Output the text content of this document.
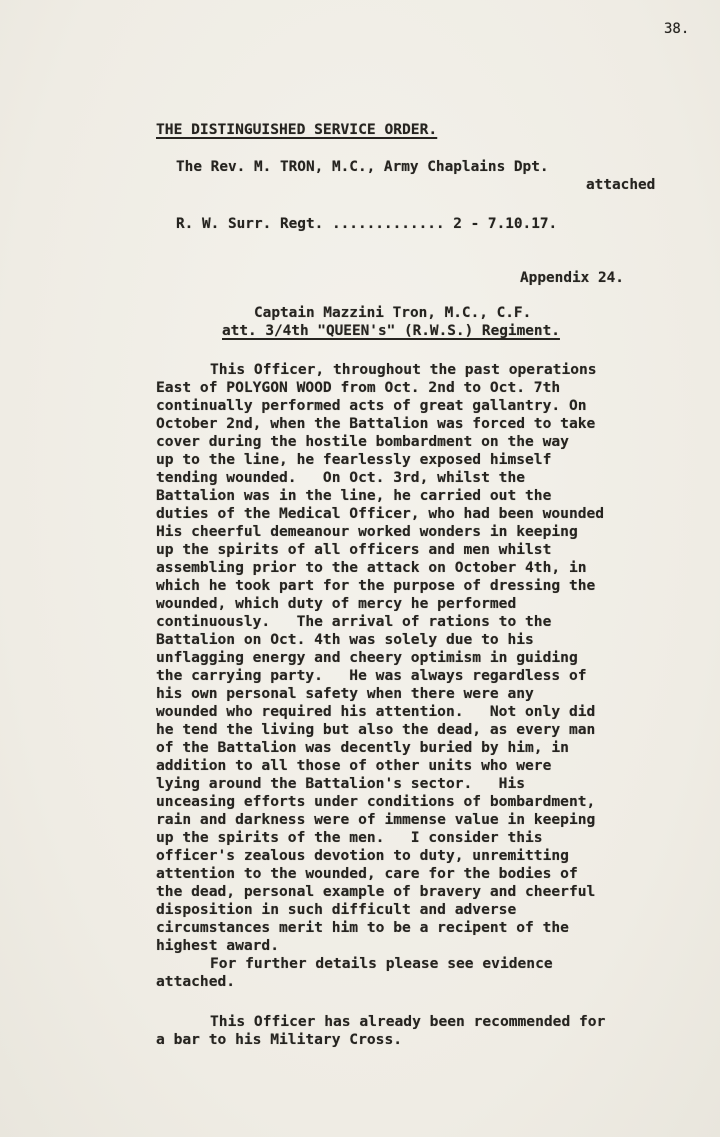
38.
THE DISTINGUISHED SERVICE ORDER.
The Rev. M. TRON, M.C., Army Chaplains Dpt.
attached
R. W. Surr. Regt. ............. 2 - 7.10.17.
Appendix 24.
Captain Mazzini Tron, M.C., C.F.
att. 3/4th "QUEEN's" (R.W.S.) Regiment.
This Officer, throughout the past operations
East of POLYGON WOOD from Oct. 2nd to Oct. 7th
continually performed acts of great gallantry. On
October 2nd, when the Battalion was forced to take
cover during the hostile bombardment on the way
up to the line, he fearlessly exposed himself
tending wounded.   On Oct. 3rd, whilst the
Battalion was in the line, he carried out the
duties of the Medical Officer, who had been wounded
His cheerful demeanour worked wonders in keeping
up the spirits of all officers and men whilst
assembling prior to the attack on October 4th, in
which he took part for the purpose of dressing the
wounded, which duty of mercy he performed
continuously.   The arrival of rations to the
Battalion on Oct. 4th was solely due to his
unflagging energy and cheery optimism in guiding
the carrying party.   He was always regardless of
his own personal safety when there were any
wounded who required his attention.   Not only did
he tend the living but also the dead, as every man
of the Battalion was decently buried by him, in
addition to all those of other units who were
lying around the Battalion's sector.   His
unceasing efforts under conditions of bombardment,
rain and darkness were of immense value in keeping
up the spirits of the men.   I consider this
officer's zealous devotion to duty, unremitting
attention to the wounded, care for the bodies of
the dead, personal example of bravery and cheerful
disposition in such difficult and adverse
circumstances merit him to be a recipent of the
highest award.
For further details please see evidence
attached.
This Officer has already been recommended for
a bar to his Military Cross.
